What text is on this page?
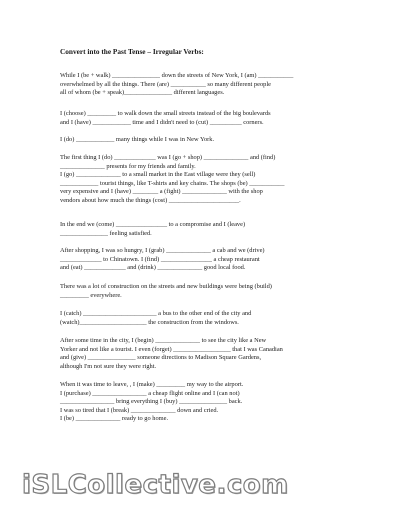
Convert into the Past Tense – Irregular Verbs:
While I (be + walk) _______________ down the streets of New York, I (am) ___________
overwhelmed by all the things. There (are) ___________ so many different people
all of whom (be + speak)_______________ different languages.
I (choose) _________ to walk down the small streets instead of the big boulevards
and I (have) ____________ time and I didn't need to (cut) __________ corners.
I (do) ____________ many things while I was in New York.
The first thing I (do) _____________ was I (go + shop) ______________ and (find)
______________ presents for my friends and family.
I (go) ______________ to a small market in the East village were they (sell)
____________ tourist things, like T-shirts and key chains. The shops (be) ___________
very expensive and I (have) ________ a (fight) ______________ with the shop
vendors about how much the things (cost) ______________________.
In the end we (come) ________________ to a compromise and I (leave)
_______________ feeling satisfied.
After shopping, I was so hungry, I (grab) ______________ a cab and we (drive)
_____________ to Chinatown. I (find) ________________ a cheap restaurant
and (eat) _____________ and (drink) ______________ good local food.
There was a lot of construction on the streets and new buildings were being (build)
_________ everywhere.
I (catch) _______________________ a bus to the other end of the city and
(watch)_____________________ the construction from the windows.
After some time in the city, I (begin) ______________ to see the city like a New
Yorker and not like a tourist. I even (forget) __________________ that I was Canadian
and (give) _______________ someone directions to Madison Square Gardens,
although I'm not sure they were right.
When it was time to leave, , I (make) _________ my way to the airport.
I (purchase) _________________ a cheap flight online and I (can not)
_________________ bring everything I (buy) _______________ back.
I was so tired that I (break) ______________ down and cried.
I (be) ______________ ready to go home.
iSLCollective.com
